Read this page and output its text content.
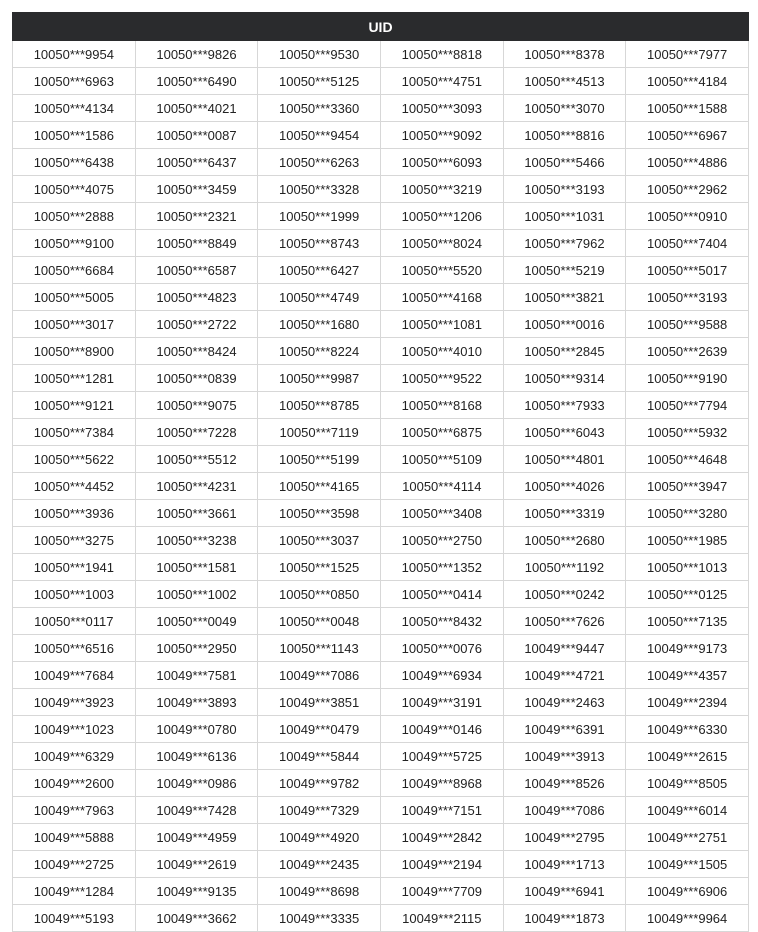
UID					
10050***9954	10050***9826	10050***9530	10050***8818	10050***8378	10050***7977
10050***6963	10050***6490	10050***5125	10050***4751	10050***4513	10050***4184
10050***4134	10050***4021	10050***3360	10050***3093	10050***3070	10050***1588
10050***1586	10050***0087	10050***9454	10050***9092	10050***8816	10050***6967
10050***6438	10050***6437	10050***6263	10050***6093	10050***5466	10050***4886
10050***4075	10050***3459	10050***3328	10050***3219	10050***3193	10050***2962
10050***2888	10050***2321	10050***1999	10050***1206	10050***1031	10050***0910
10050***9100	10050***8849	10050***8743	10050***8024	10050***7962	10050***7404
10050***6684	10050***6587	10050***6427	10050***5520	10050***5219	10050***5017
10050***5005	10050***4823	10050***4749	10050***4168	10050***3821	10050***3193
10050***3017	10050***2722	10050***1680	10050***1081	10050***0016	10050***9588
10050***8900	10050***8424	10050***8224	10050***4010	10050***2845	10050***2639
10050***1281	10050***0839	10050***9987	10050***9522	10050***9314	10050***9190
10050***9121	10050***9075	10050***8785	10050***8168	10050***7933	10050***7794
10050***7384	10050***7228	10050***7119	10050***6875	10050***6043	10050***5932
10050***5622	10050***5512	10050***5199	10050***5109	10050***4801	10050***4648
10050***4452	10050***4231	10050***4165	10050***4114	10050***4026	10050***3947
10050***3936	10050***3661	10050***3598	10050***3408	10050***3319	10050***3280
10050***3275	10050***3238	10050***3037	10050***2750	10050***2680	10050***1985
10050***1941	10050***1581	10050***1525	10050***1352	10050***1192	10050***1013
10050***1003	10050***1002	10050***0850	10050***0414	10050***0242	10050***0125
10050***0117	10050***0049	10050***0048	10050***8432	10050***7626	10050***7135
10050***6516	10050***2950	10050***1143	10050***0076	10049***9447	10049***9173
10049***7684	10049***7581	10049***7086	10049***6934	10049***4721	10049***4357
10049***3923	10049***3893	10049***3851	10049***3191	10049***2463	10049***2394
10049***1023	10049***0780	10049***0479	10049***0146	10049***6391	10049***6330
10049***6329	10049***6136	10049***5844	10049***5725	10049***3913	10049***2615
10049***2600	10049***0986	10049***9782	10049***8968	10049***8526	10049***8505
10049***7963	10049***7428	10049***7329	10049***7151	10049***7086	10049***6014
10049***5888	10049***4959	10049***4920	10049***2842	10049***2795	10049***2751
10049***2725	10049***2619	10049***2435	10049***2194	10049***1713	10049***1505
10049***1284	10049***9135	10049***8698	10049***7709	10049***6941	10049***6906
10049***5193	10049***3662	10049***3335	10049***2115	10049***1873	10049***9964
